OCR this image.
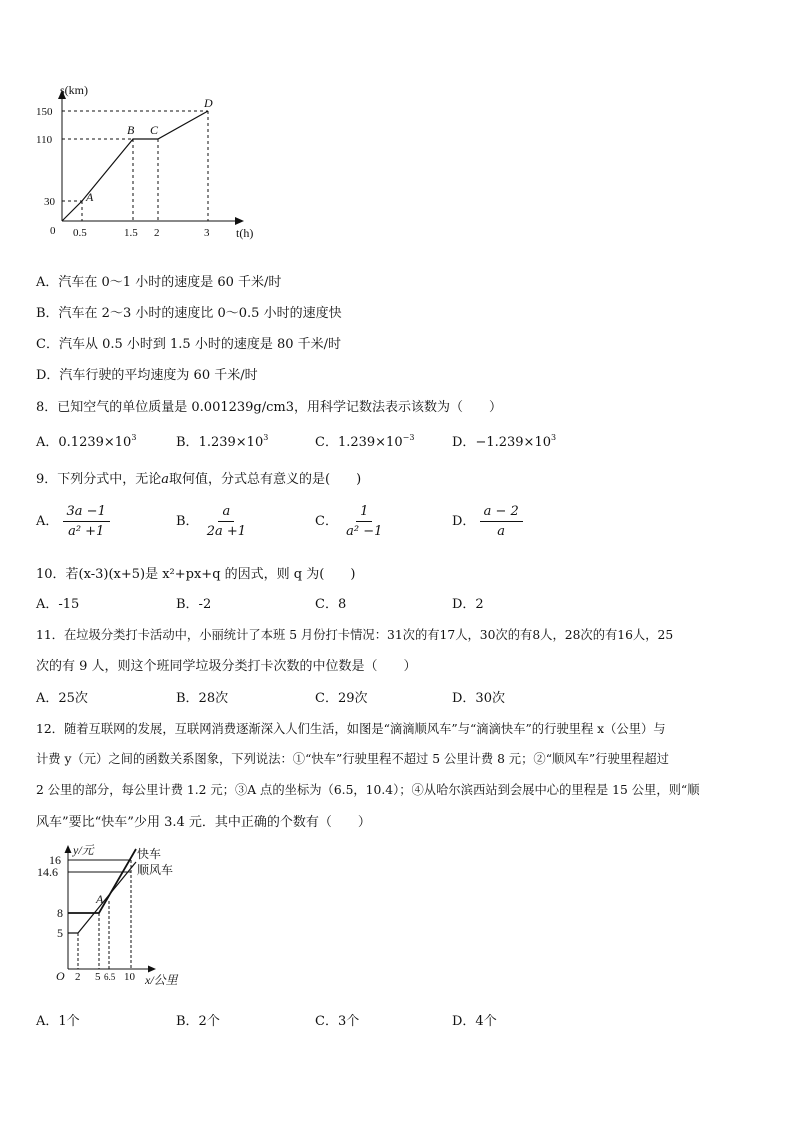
s(km)
t(h)
0
150
110
30
0.5	1.5 2	3
A
B C
D
A．汽车在 0～1 小时的速度是 60 千米/时
B．汽车在 2～3 小时的速度比 0～0.5 小时的速度快
C．汽车从 0.5 小时到 1.5 小时的速度是 80 千米/时
D．汽车行驶的平均速度为 60 千米/时
8．已知空气的单位质量是 0.001239g/cm3，用科学记数法表示该数为（　　）
A．$0.1239\times 10^3$	B．$1.239\times 10^3$	C．$1.239\times 10^{-3}$	D．$-1.239\times 10^3$
9．下列分式中，无论a取何值，分式总有意义的是(　　)
A． $\frac{3a -1}{\text{a² +1}}$	B． $\frac{a}{2a +1}$	C． $\frac{1}{\text{a² −1}}$	D． $\frac{a - 2}{a}$
10．若(x-3)(x+5)是 x²+px+q 的因式，则 q 为(　　)
A．-15	B．-2	C．8	D．2
11．在垃圾分类打卡活动中，小丽统计了本班 5 月份打卡情况：31次的有17人，30次的有8人，28次的有16人，25
次的有 9 人，则这个班同学垃圾分类打卡次数的中位数是（　　）
A．25次	B．28次	C．29次	D．30次
12．随着互联网的发展，互联网消费逐渐深入人们生活，如图是“滴滴顺风车”与“滴滴快车”的行驶里程 x（公里）与
计费 y（元）之间的函数关系图象，下列说法：①“快车”行驶里程不超过 5 公里计费 8 元；②“顺风车”行驶里程超过
2 公里的部分，每公里计费 1.2 元；③A 点的坐标为（6.5，10.4）；④从哈尔滨西站到会展中心的里程是 15 公里，则“顺
风车”要比“快车”少用 3.4 元．其中正确的个数有（　　）
y/元
x/公里
O
16
14.6
8
5
2 5 6.5 10
快车
顺风车
A
A．1个	B．2个	C．3个	D．4个
